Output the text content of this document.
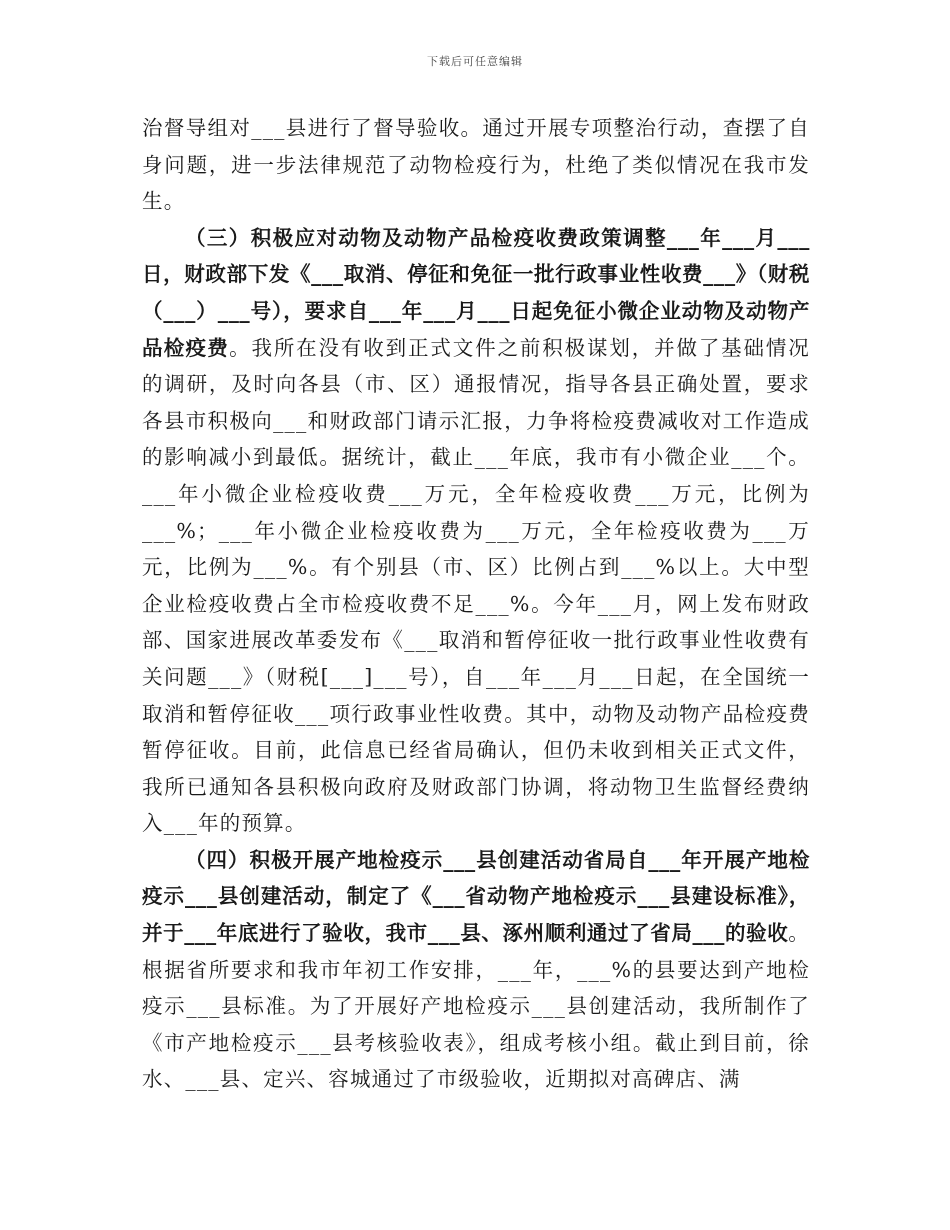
下载后可任意编辑

治督导组对___县进行了督导验收。通过开展专项整治行动，查摆了自身问题，进一步法律规范了动物检疫行为，杜绝了类似情况在我市发生。

（三）积极应对动物及动物产品检疫收费政策调整___年___月___日，财政部下发《___取消、停征和免征一批行政事业性收费___》（财税（___）___号），要求自___年___月___日起免征小微企业动物及动物产品检疫费。我所在没有收到正式文件之前积极谋划，并做了基础情况的调研，及时向各县（市、区）通报情况，指导各县正确处置，要求各县市积极向___和财政部门请示汇报，力争将检疫费减收对工作造成的影响减小到最低。据统计，截止___年底，我市有小微企业___个。___年小微企业检疫收费___万元，全年检疫收费___万元，比例为___%；___年小微企业检疫收费为___万元，全年检疫收费为___万元，比例为___%。有个别县（市、区）比例占到___%以上。大中型企业检疫收费占全市检疫收费不足___%。今年___月，网上发布财政部、国家进展改革委发布《___取消和暂停征收一批行政事业性收费有关问题___》（财税[___]___号），自___年___月___日起，在全国统一取消和暂停征收___项行政事业性收费。其中，动物及动物产品检疫费暂停征收。目前，此信息已经省局确认，但仍未收到相关正式文件，我所已通知各县积极向政府及财政部门协调，将动物卫生监督经费纳入___年的预算。

（四）积极开展产地检疫示___县创建活动省局自___年开展产地检疫示___县创建活动，制定了《___省动物产地检疫示___县建设标准》，并于___年底进行了验收，我市___县、涿州顺利通过了省局___的验收。根据省所要求和我市年初工作安排，___年，___%的县要达到产地检疫示___县标准。为了开展好产地检疫示___县创建活动，我所制作了《市产地检疫示___县考核验收表》，组成考核小组。截止到目前，徐水、___县、定兴、容城通过了市级验收，近期拟对高碑店、满
